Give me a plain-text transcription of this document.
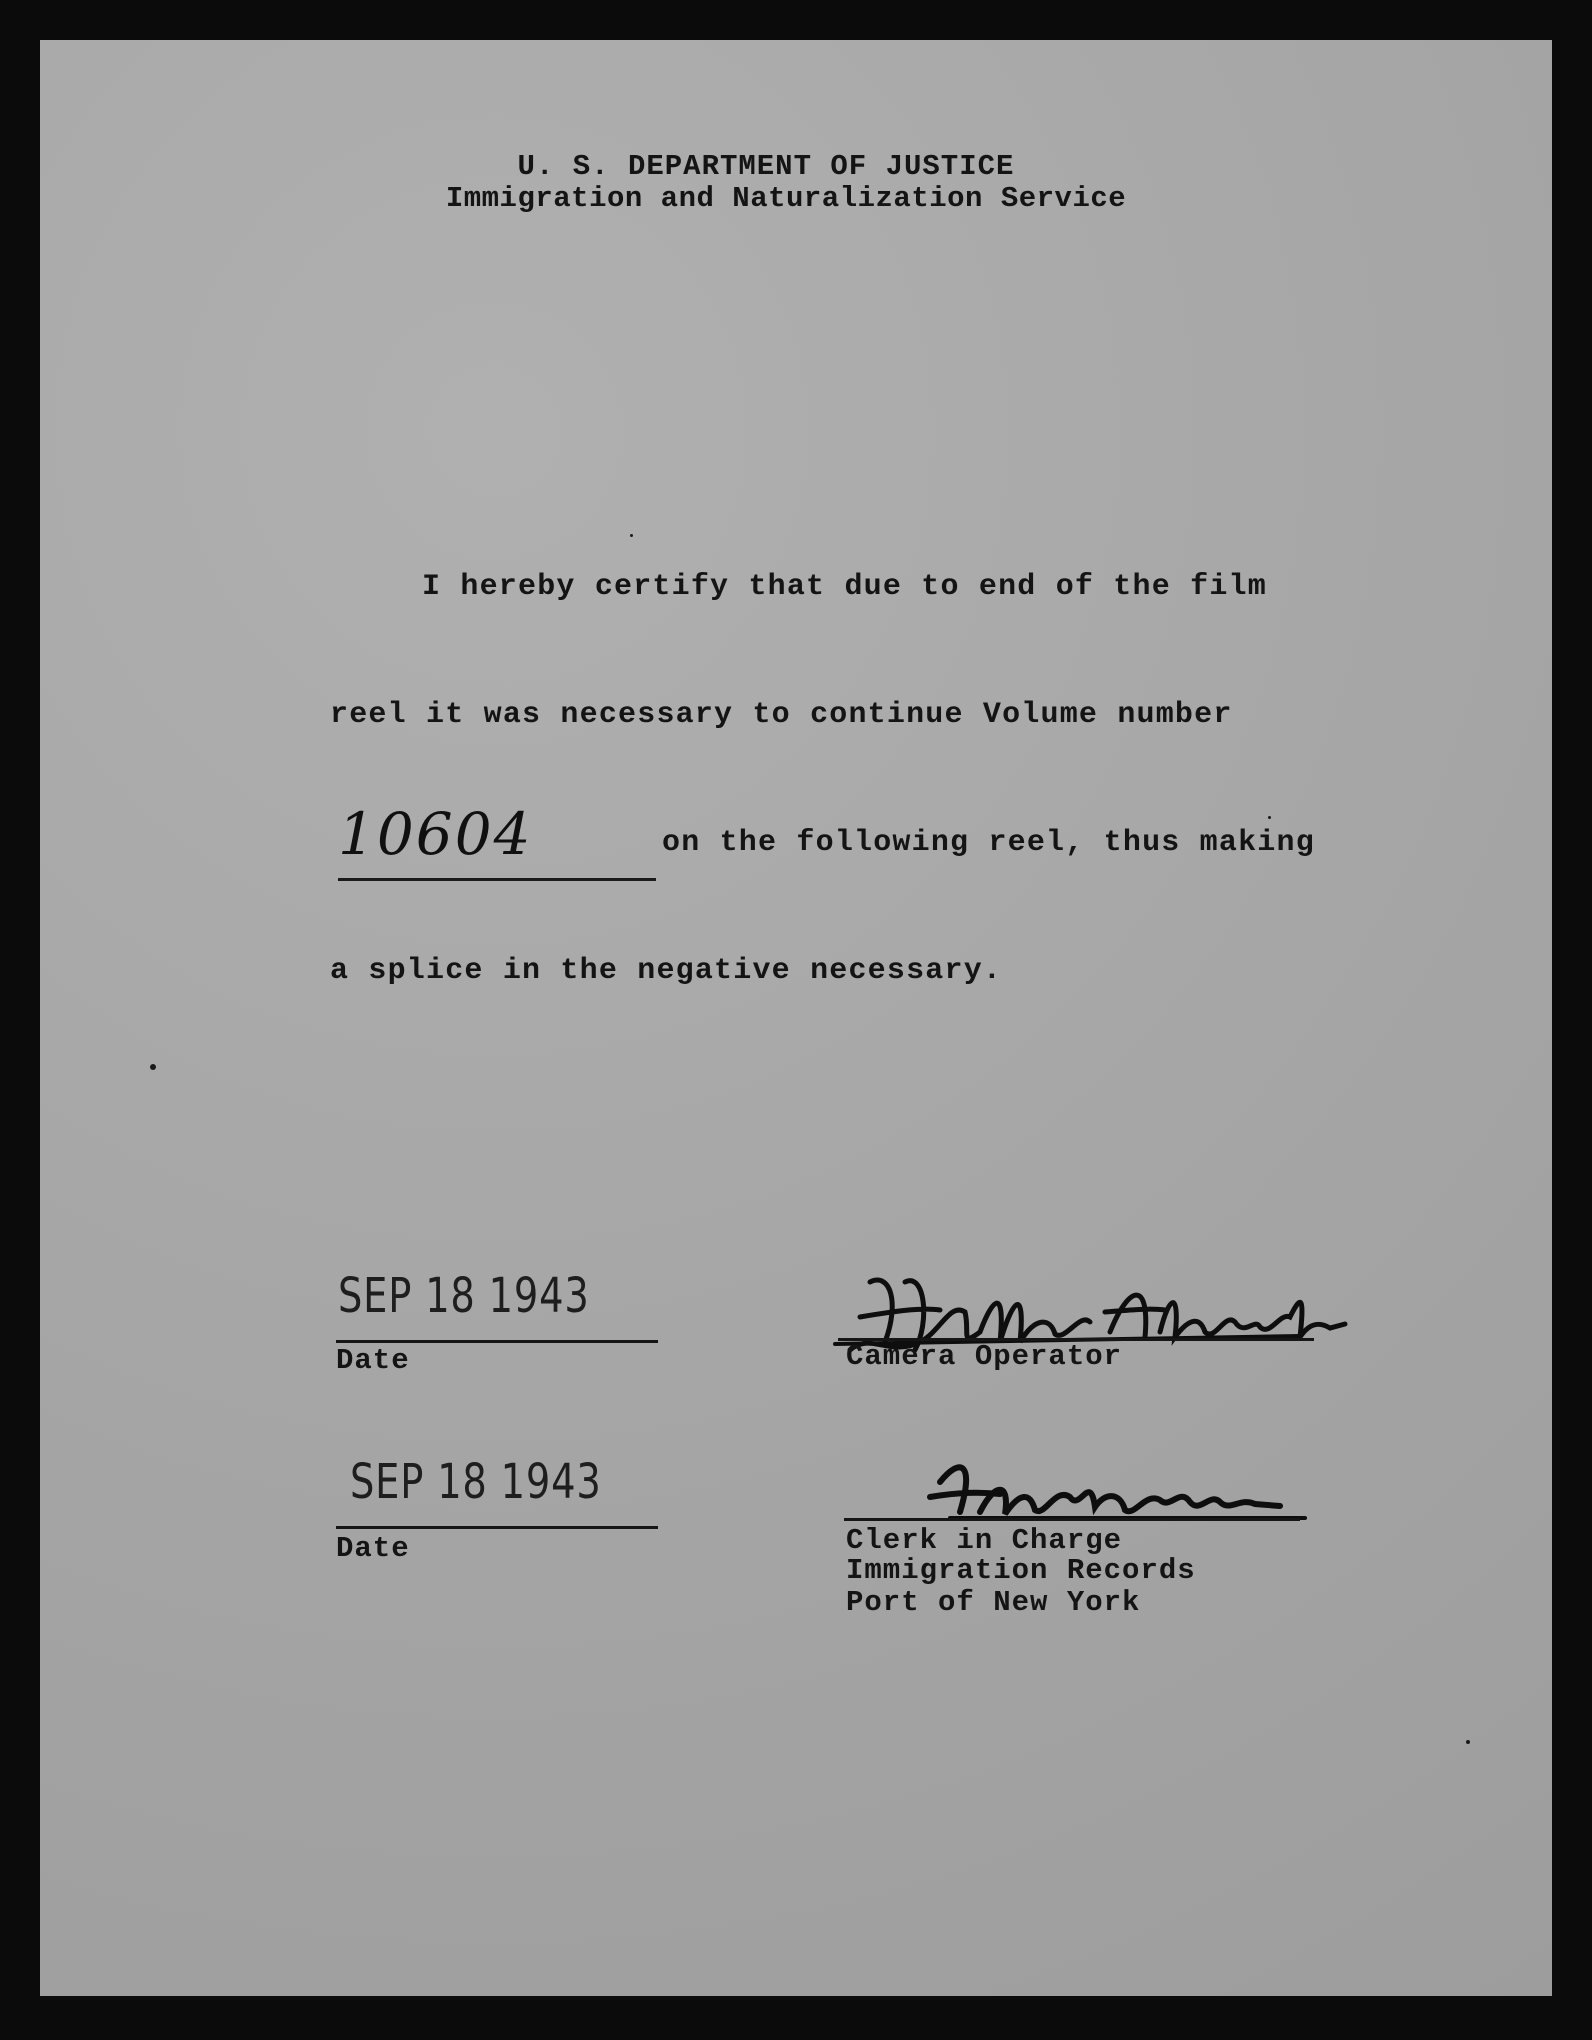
U. S. DEPARTMENT OF JUSTICE
Immigration and Naturalization Service
I hereby certify that due to end of the film
reel it was necessary to continue Volume number
10604	on the following reel, thus making
a splice in the negative necessary.
SEP 18 1943
Date	Camera Operator
SEP 18 1943
Date	Clerk in Charge
Immigration Records
Port of New York
